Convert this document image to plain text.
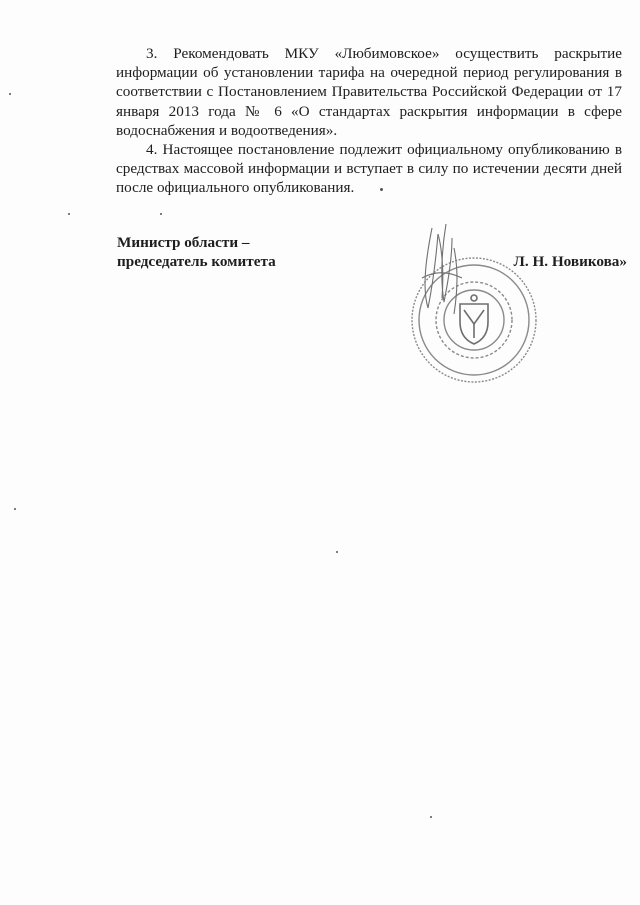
3. Рекомендовать МКУ «Любимовское» осуществить раскрытие информации об установлении тарифа на очередной период регулирования в соответствии с Постановлением Правительства Российской Федерации от 17 января 2013 года № 6 «О стандартах раскрытия информации в сфере водоснабжения и водоотведения».

4. Настоящее постановление подлежит официальному опубликованию в средствах массовой информации и вступает в силу по истечении десяти дней после официального опубликования.

Министр области –
председатель комитета	Л. Н. Новикова»
